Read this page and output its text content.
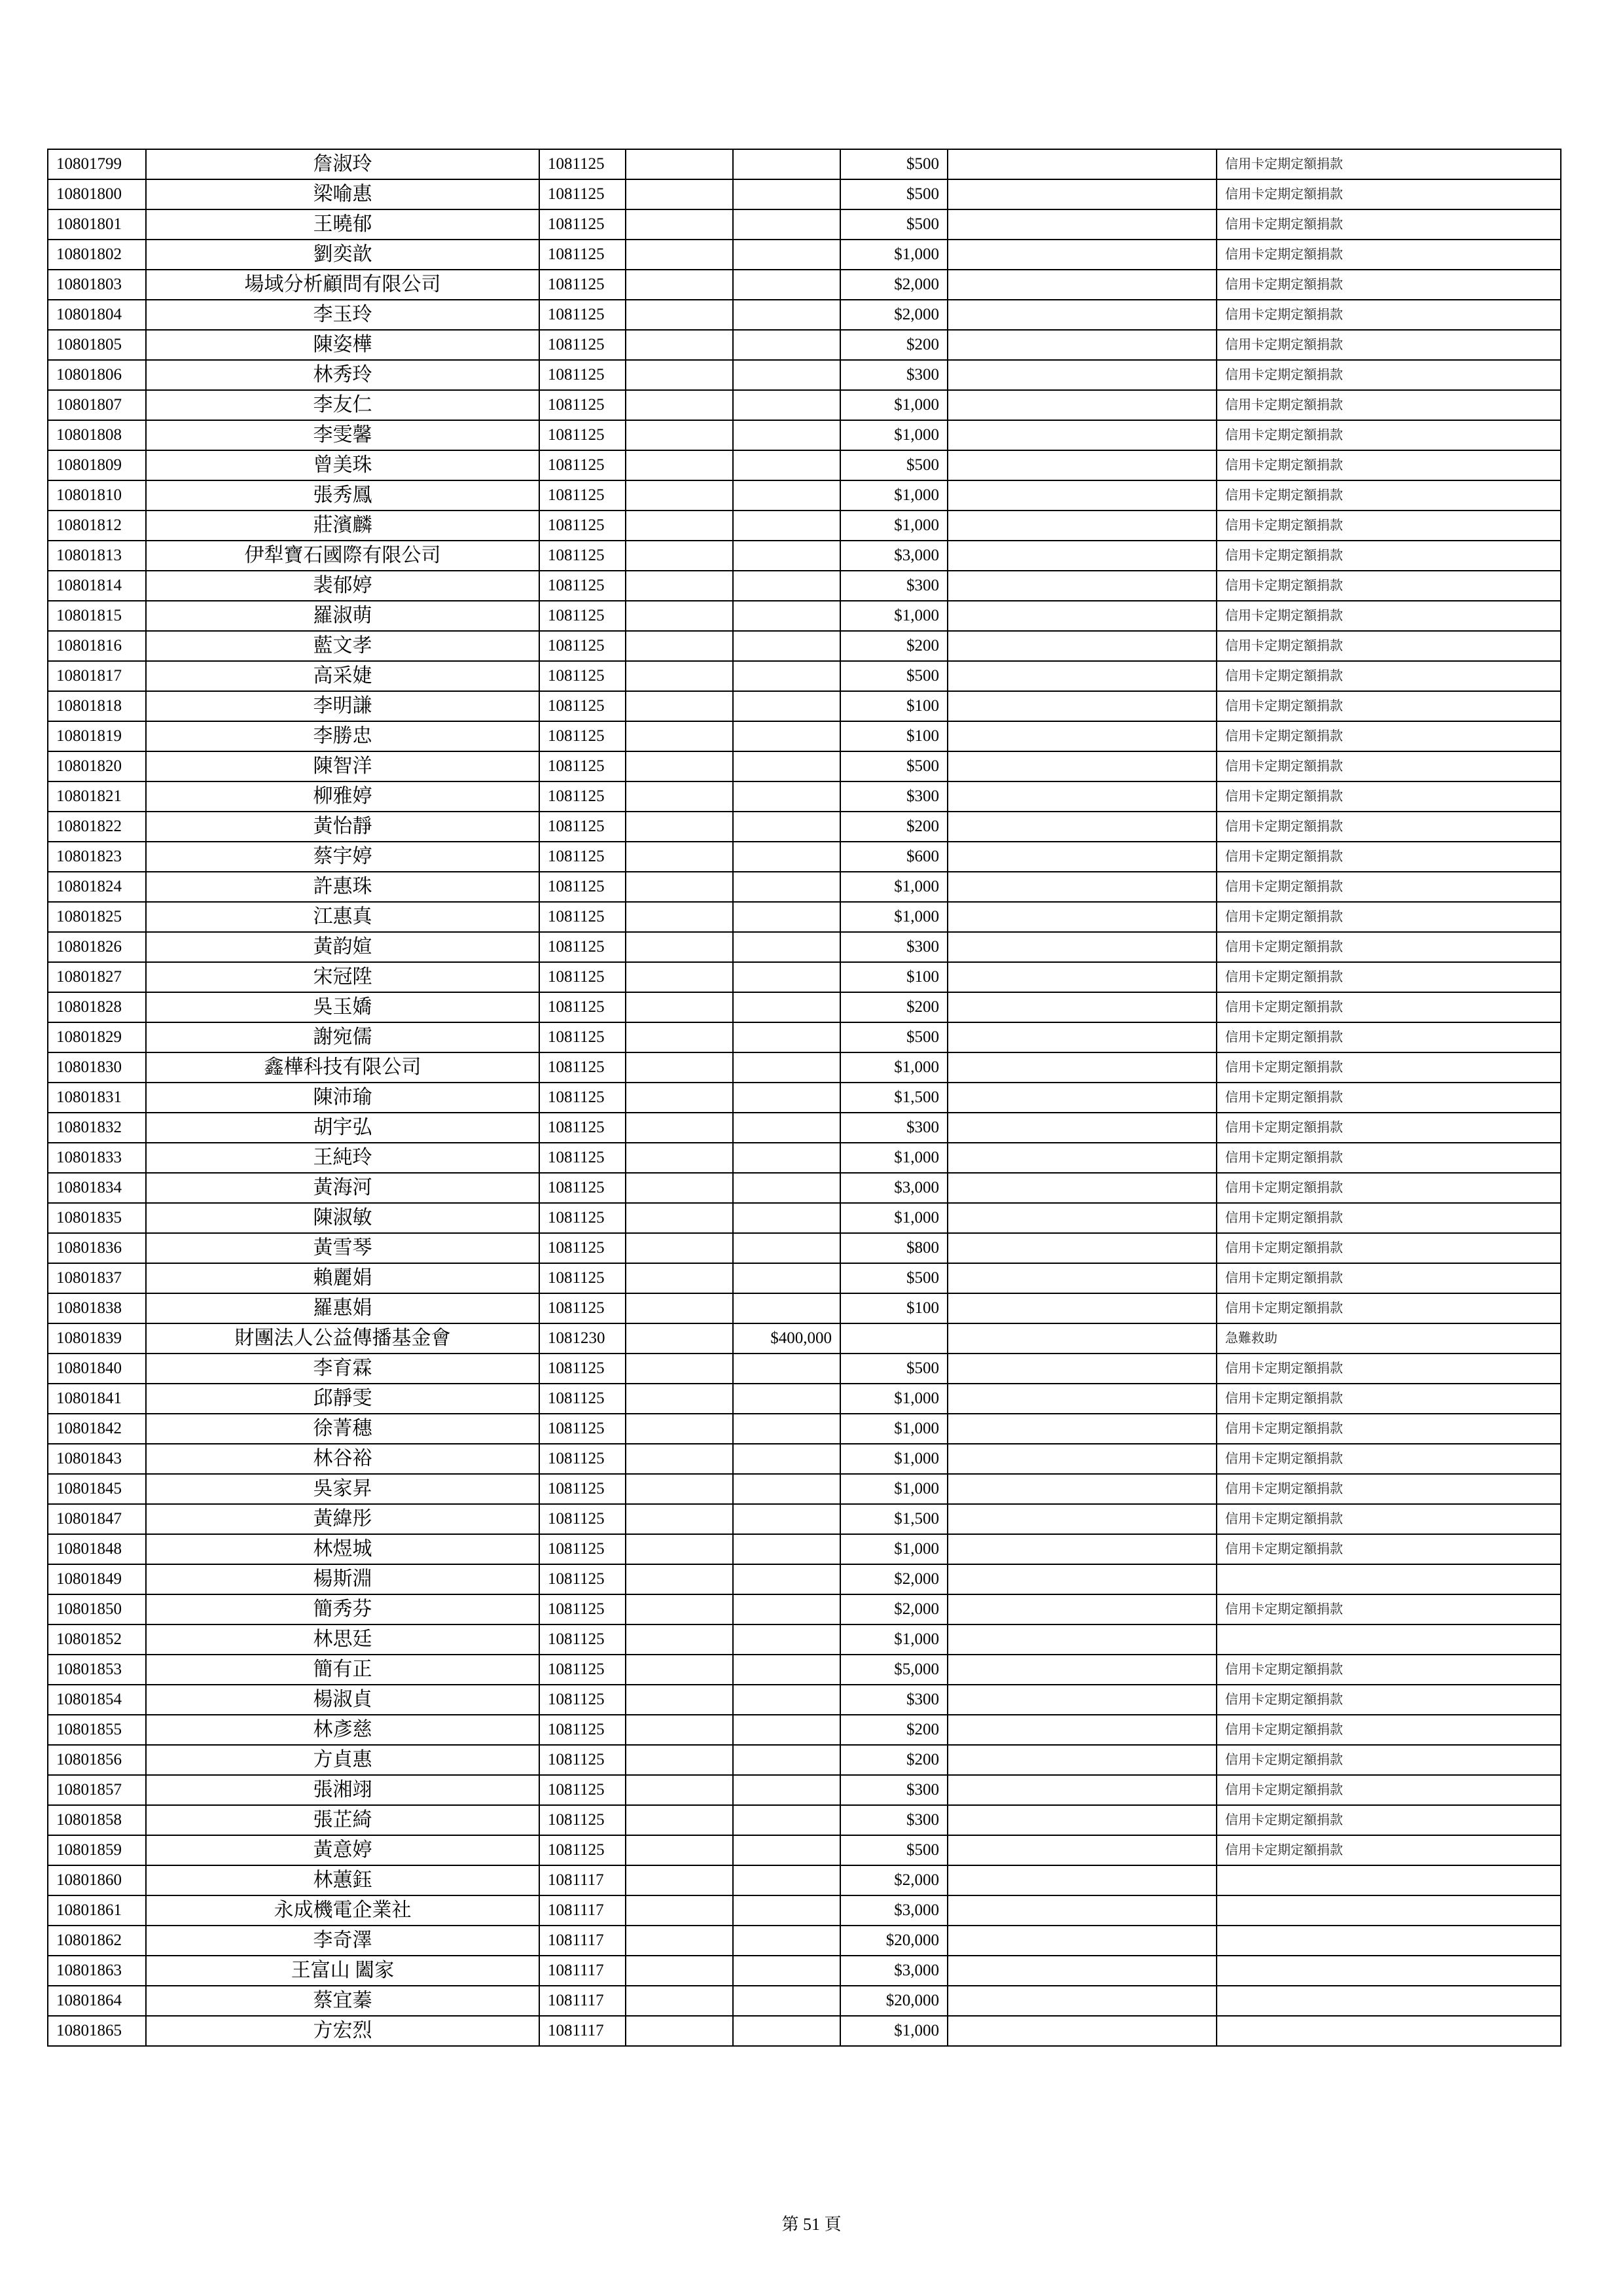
10801799	詹淑玲	1081125			$500		信用卡定期定額捐款
10801800	梁喻惠	1081125			$500		信用卡定期定額捐款
10801801	王曉郁	1081125			$500		信用卡定期定額捐款
10801802	劉奕歆	1081125			$1,000		信用卡定期定額捐款
10801803	場域分析顧問有限公司	1081125			$2,000		信用卡定期定額捐款
10801804	李玉玲	1081125			$2,000		信用卡定期定額捐款
10801805	陳姿樺	1081125			$200		信用卡定期定額捐款
10801806	林秀玲	1081125			$300		信用卡定期定額捐款
10801807	李友仁	1081125			$1,000		信用卡定期定額捐款
10801808	李雯馨	1081125			$1,000		信用卡定期定額捐款
10801809	曾美珠	1081125			$500		信用卡定期定額捐款
10801810	張秀鳳	1081125			$1,000		信用卡定期定額捐款
10801812	莊濱麟	1081125			$1,000		信用卡定期定額捐款
10801813	伊犁寶石國際有限公司	1081125			$3,000		信用卡定期定額捐款
10801814	裴郁婷	1081125			$300		信用卡定期定額捐款
10801815	羅淑萌	1081125			$1,000		信用卡定期定額捐款
10801816	藍文孝	1081125			$200		信用卡定期定額捐款
10801817	高采婕	1081125			$500		信用卡定期定額捐款
10801818	李明謙	1081125			$100		信用卡定期定額捐款
10801819	李勝忠	1081125			$100		信用卡定期定額捐款
10801820	陳智洋	1081125			$500		信用卡定期定額捐款
10801821	柳雅婷	1081125			$300		信用卡定期定額捐款
10801822	黃怡靜	1081125			$200		信用卡定期定額捐款
10801823	蔡宇婷	1081125			$600		信用卡定期定額捐款
10801824	許惠珠	1081125			$1,000		信用卡定期定額捐款
10801825	江惠真	1081125			$1,000		信用卡定期定額捐款
10801826	黃韵媗	1081125			$300		信用卡定期定額捐款
10801827	宋冠陞	1081125			$100		信用卡定期定額捐款
10801828	吳玉嬌	1081125			$200		信用卡定期定額捐款
10801829	謝宛儒	1081125			$500		信用卡定期定額捐款
10801830	鑫樺科技有限公司	1081125			$1,000		信用卡定期定額捐款
10801831	陳沛瑜	1081125			$1,500		信用卡定期定額捐款
10801832	胡宇弘	1081125			$300		信用卡定期定額捐款
10801833	王純玲	1081125			$1,000		信用卡定期定額捐款
10801834	黃海河	1081125			$3,000		信用卡定期定額捐款
10801835	陳淑敏	1081125			$1,000		信用卡定期定額捐款
10801836	黃雪琴	1081125			$800		信用卡定期定額捐款
10801837	賴麗娟	1081125			$500		信用卡定期定額捐款
10801838	羅惠娟	1081125			$100		信用卡定期定額捐款
10801839	財團法人公益傳播基金會	1081230		$400,000			急難救助
10801840	李育霖	1081125			$500		信用卡定期定額捐款
10801841	邱靜雯	1081125			$1,000		信用卡定期定額捐款
10801842	徐菁穗	1081125			$1,000		信用卡定期定額捐款
10801843	林谷裕	1081125			$1,000		信用卡定期定額捐款
10801845	吳家昇	1081125			$1,000		信用卡定期定額捐款
10801847	黃緯彤	1081125			$1,500		信用卡定期定額捐款
10801848	林煜城	1081125			$1,000		信用卡定期定額捐款
10801849	楊斯淵	1081125			$2,000		
10801850	簡秀芬	1081125			$2,000		信用卡定期定額捐款
10801852	林思廷	1081125			$1,000		
10801853	簡有正	1081125			$5,000		信用卡定期定額捐款
10801854	楊淑貞	1081125			$300		信用卡定期定額捐款
10801855	林彥慈	1081125			$200		信用卡定期定額捐款
10801856	方貞惠	1081125			$200		信用卡定期定額捐款
10801857	張湘翊	1081125			$300		信用卡定期定額捐款
10801858	張芷綺	1081125			$300		信用卡定期定額捐款
10801859	黃意婷	1081125			$500		信用卡定期定額捐款
10801860	林蕙鈺	1081117			$2,000		
10801861	永成機電企業社	1081117			$3,000		
10801862	李奇澤	1081117			$20,000		
10801863	王富山 闔家	1081117			$3,000		
10801864	蔡宜蓁	1081117			$20,000		
10801865	方宏烈	1081117			$1,000		
第 51 頁
